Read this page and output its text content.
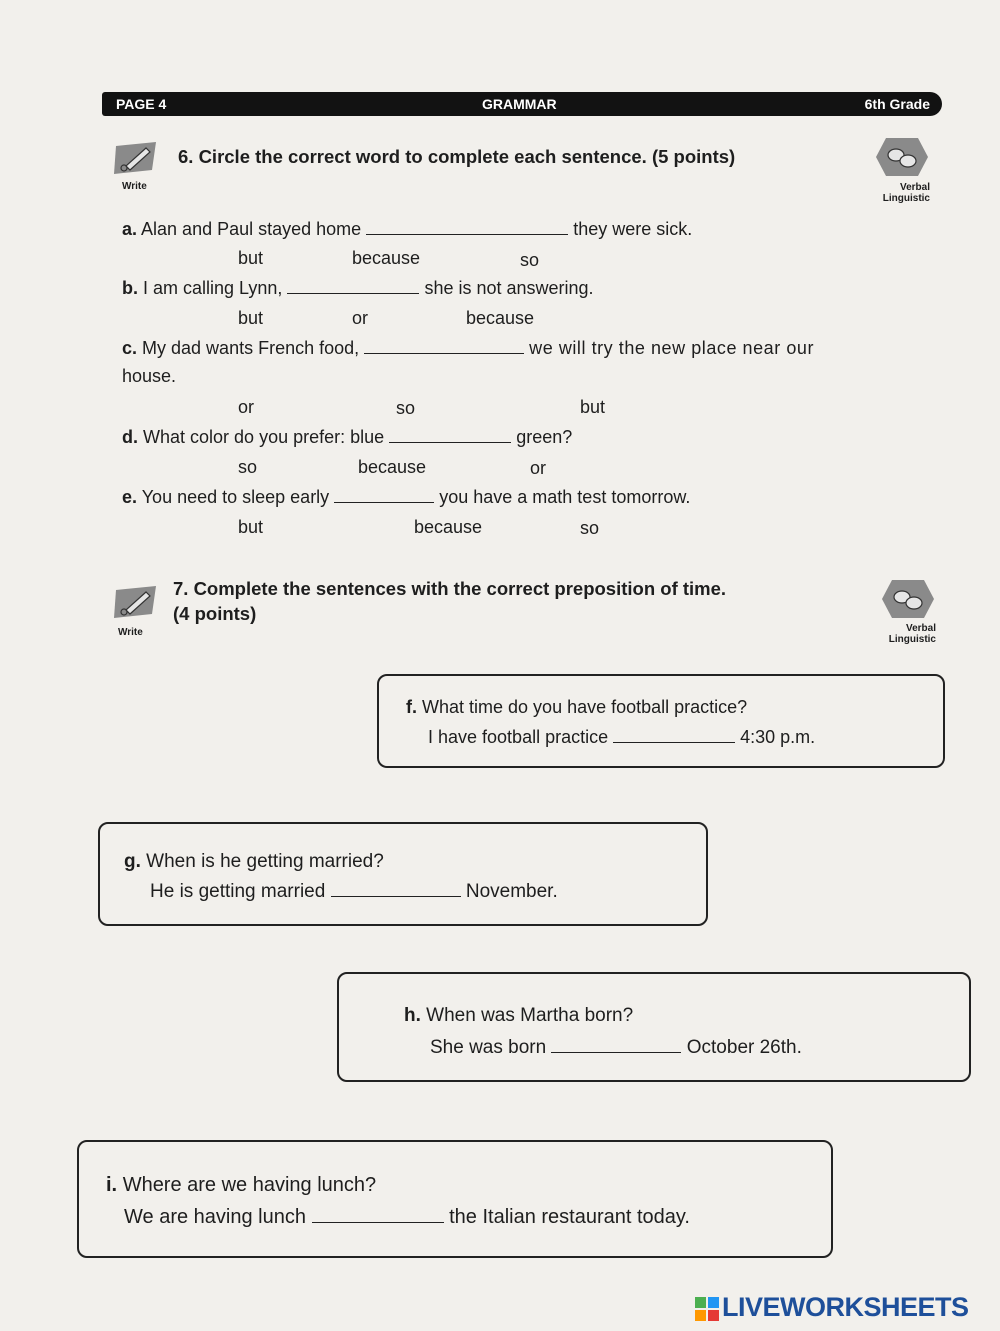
PAGE 4	GRAMMAR	6th Grade
Write	Verbal
Linguistic
6. Circle the correct word to complete each sentence. (5 points)
a. Alan and Paul stayed home	they were sick.
but	because	so
b. I am calling Lynn,	she is not answering.
but	or	because
c. My dad wants French food,	we will try the new place near our
house.
or	so	but
d. What color do you prefer: blue	green?
so	because	or
e. You need to sleep early	you have a math test tomorrow.
but	because	so
Write	Verbal
Linguistic
7. Complete the sentences with the correct preposition of time.
(4 points)
f. What time do you have football practice?
I have football practice	4:30 p.m.
g. When is he getting married?
He is getting married	November.
h. When was Martha born?
She was born	October 26th.
i. Where are we having lunch?
We are having lunch	the Italian restaurant today.
LIVEWORKSHEETS
